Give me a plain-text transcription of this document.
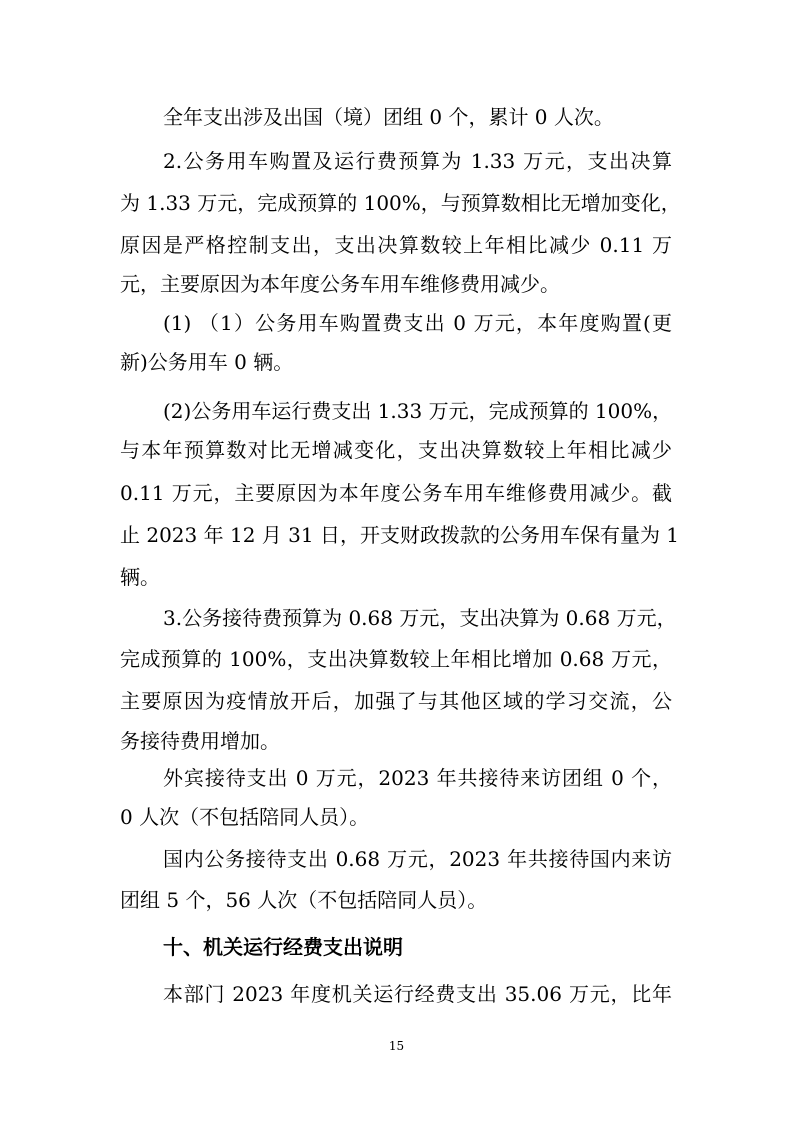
全年支出涉及出国（境）团组 0 个，累计 0 人次。
2.公务用车购置及运行费预算为 1.33 万元，支出决算
为 1.33 万元，完成预算的 100%，与预算数相比无增加变化，
原因是严格控制支出，支出决算数较上年相比减少 0.11 万
元，主要原因为本年度公务车用车维修费用减少。
(1) （1）公务用车购置费支出 0 万元，本年度购置(更
新)公务用车 0 辆。
(2)公务用车运行费支出 1.33 万元，完成预算的 100%，
与本年预算数对比无增减变化，支出决算数较上年相比减少
0.11 万元，主要原因为本年度公务车用车维修费用减少。截
止 2023 年 12 月 31 日，开支财政拨款的公务用车保有量为 1
辆。
3.公务接待费预算为 0.68 万元，支出决算为 0.68 万元，
完成预算的 100%，支出决算数较上年相比增加 0.68 万元，
主要原因为疫情放开后，加强了与其他区域的学习交流，公
务接待费用增加。
外宾接待支出 0 万元，2023 年共接待来访团组 0 个，
0 人次（不包括陪同人员）。
国内公务接待支出 0.68 万元，2023 年共接待国内来访
团组 5 个，56 人次（不包括陪同人员）。
十、机关运行经费支出说明
本部门 2023 年度机关运行经费支出 35.06 万元，比年
15
